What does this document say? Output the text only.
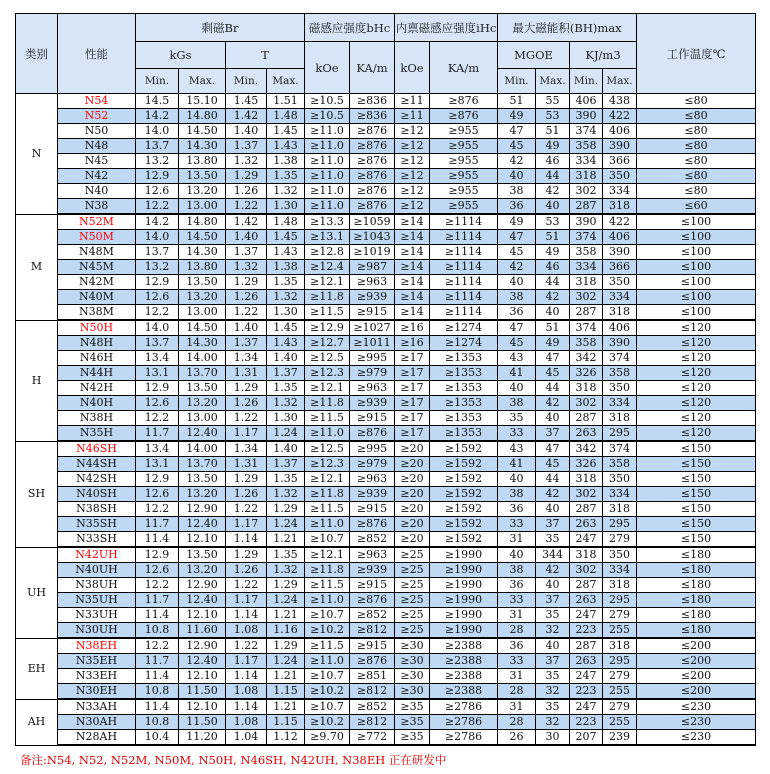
类别	性能	剩磁Br				磁感应强度bHc		内禀磁感应强度iHc		最大磁能积(BH)max				工作温度℃
		kGs		T		kOe	KA/m	kOe	KA/m	MGOE		KJ/m3		
		Min.	Max.	Min.	Max.					Min.	Max.	Min.	Max.	
N	N54	14.5	15.10	1.45	1.51	≥10.5	≥836	≥11	≥876	51	55	406	438	≤80
	N52	14.2	14.80	1.42	1.48	≥10.5	≥836	≥11	≥876	49	53	390	422	≤80
	N50	14.0	14.50	1.40	1.45	≥11.0	≥876	≥12	≥955	47	51	374	406	≤80
	N48	13.7	14.30	1.37	1.43	≥11.0	≥876	≥12	≥955	45	49	358	390	≤80
	N45	13.2	13.80	1.32	1.38	≥11.0	≥876	≥12	≥955	42	46	334	366	≤80
	N42	12.9	13.50	1.29	1.35	≥11.0	≥876	≥12	≥955	40	44	318	350	≤80
	N40	12.6	13.20	1.26	1.32	≥11.0	≥876	≥12	≥955	38	42	302	334	≤80
	N38	12.2	13.00	1.22	1.30	≥11.0	≥876	≥12	≥955	36	40	287	318	≤60
M	N52M	14.2	14.80	1.42	1.48	≥13.3	≥1059	≥14	≥1114	49	53	390	422	≤100
	N50M	14.0	14.50	1.40	1.45	≥13.1	≥1043	≥14	≥1114	47	51	374	406	≤100
	N48M	13.7	14.30	1.37	1.43	≥12.8	≥1019	≥14	≥1114	45	49	358	390	≤100
	N45M	13.2	13.80	1.32	1.38	≥12.4	≥987	≥14	≥1114	42	46	334	366	≤100
	N42M	12.9	13.50	1.29	1.35	≥12.1	≥963	≥14	≥1114	40	44	318	350	≤100
	N40M	12.6	13.20	1.26	1.32	≥11.8	≥939	≥14	≥1114	38	42	302	334	≤100
	N38M	12.2	13.00	1.22	1.30	≥11.5	≥915	≥14	≥1114	36	40	287	318	≤100
H	N50H	14.0	14.50	1.40	1.45	≥12.9	≥1027	≥16	≥1274	47	51	374	406	≤120
	N48H	13.7	14.30	1.37	1.43	≥12.7	≥1011	≥16	≥1274	45	49	358	390	≤120
	N46H	13.4	14.00	1.34	1.40	≥12.5	≥995	≥17	≥1353	43	47	342	374	≤120
	N44H	13.1	13.70	1.31	1.37	≥12.3	≥979	≥17	≥1353	41	45	326	358	≤120
	N42H	12.9	13.50	1.29	1.35	≥12.1	≥963	≥17	≥1353	40	44	318	350	≤120
	N40H	12.6	13.20	1.26	1.32	≥11.8	≥939	≥17	≥1353	38	42	302	334	≤120
	N38H	12.2	13.00	1.22	1.30	≥11.5	≥915	≥17	≥1353	35	40	287	318	≤120
	N35H	11.7	12.40	1.17	1.24	≥11.0	≥876	≥17	≥1353	33	37	263	295	≤120
SH	N46SH	13.4	14.00	1.34	1.40	≥12.5	≥995	≥20	≥1592	43	47	342	374	≤150
	N44SH	13.1	13.70	1.31	1.37	≥12.3	≥979	≥20	≥1592	41	45	326	358	≤150
	N42SH	12.9	13.50	1.29	1.35	≥12.1	≥963	≥20	≥1592	40	44	318	350	≤150
	N40SH	12.6	13.20	1.26	1.32	≥11.8	≥939	≥20	≥1592	38	42	302	334	≤150
	N38SH	12.2	12.90	1.22	1.29	≥11.5	≥915	≥20	≥1592	36	40	287	318	≤150
	N35SH	11.7	12.40	1.17	1.24	≥11.0	≥876	≥20	≥1592	33	37	263	295	≤150
	N33SH	11.4	12.10	1.14	1.21	≥10.7	≥852	≥20	≥1592	31	35	247	279	≤150
UH	N42UH	12.9	13.50	1.29	1.35	≥12.1	≥963	≥25	≥1990	40	344	318	350	≤180
	N40UH	12.6	13.20	1.26	1.32	≥11.8	≥939	≥25	≥1990	38	42	302	334	≤180
	N38UH	12.2	12.90	1.22	1.29	≥11.5	≥915	≥25	≥1990	36	40	287	318	≤180
	N35UH	11.7	12.40	1.17	1.24	≥11.0	≥876	≥25	≥1990	33	37	263	295	≤180
	N33UH	11.4	12.10	1.14	1.21	≥10.7	≥852	≥25	≥1990	31	35	247	279	≤180
	N30UH	10.8	11.60	1.08	1.16	≥10.2	≥812	≥25	≥1990	28	32	223	255	≤180
EH	N38EH	12.2	12.90	1.22	1.29	≥11.5	≥915	≥30	≥2388	36	40	287	318	≤200
	N35EH	11.7	12.40	1.17	1.24	≥11.0	≥876	≥30	≥2388	33	37	263	295	≤200
	N33EH	11.4	12.10	1.14	1.21	≥10.7	≥851	≥30	≥2388	31	35	247	279	≤200
	N30EH	10.8	11.50	1.08	1.15	≥10.2	≥812	≥30	≥2388	28	32	223	255	≤200
AH	N33AH	11.4	12.10	1.14	1.21	≥10.7	≥852	≥35	≥2786	31	35	247	279	≤230
	N30AH	10.8	11.50	1.08	1.15	≥10.2	≥812	≥35	≥2786	28	32	223	255	≤230
	N28AH	10.4	11.20	1.04	1.12	≥9.70	≥772	≥35	≥2786	26	30	207	239	≤230
备注:N54, N52, N52M, N50M, N50H, N46SH, N42UH, N38EH 正在研发中
